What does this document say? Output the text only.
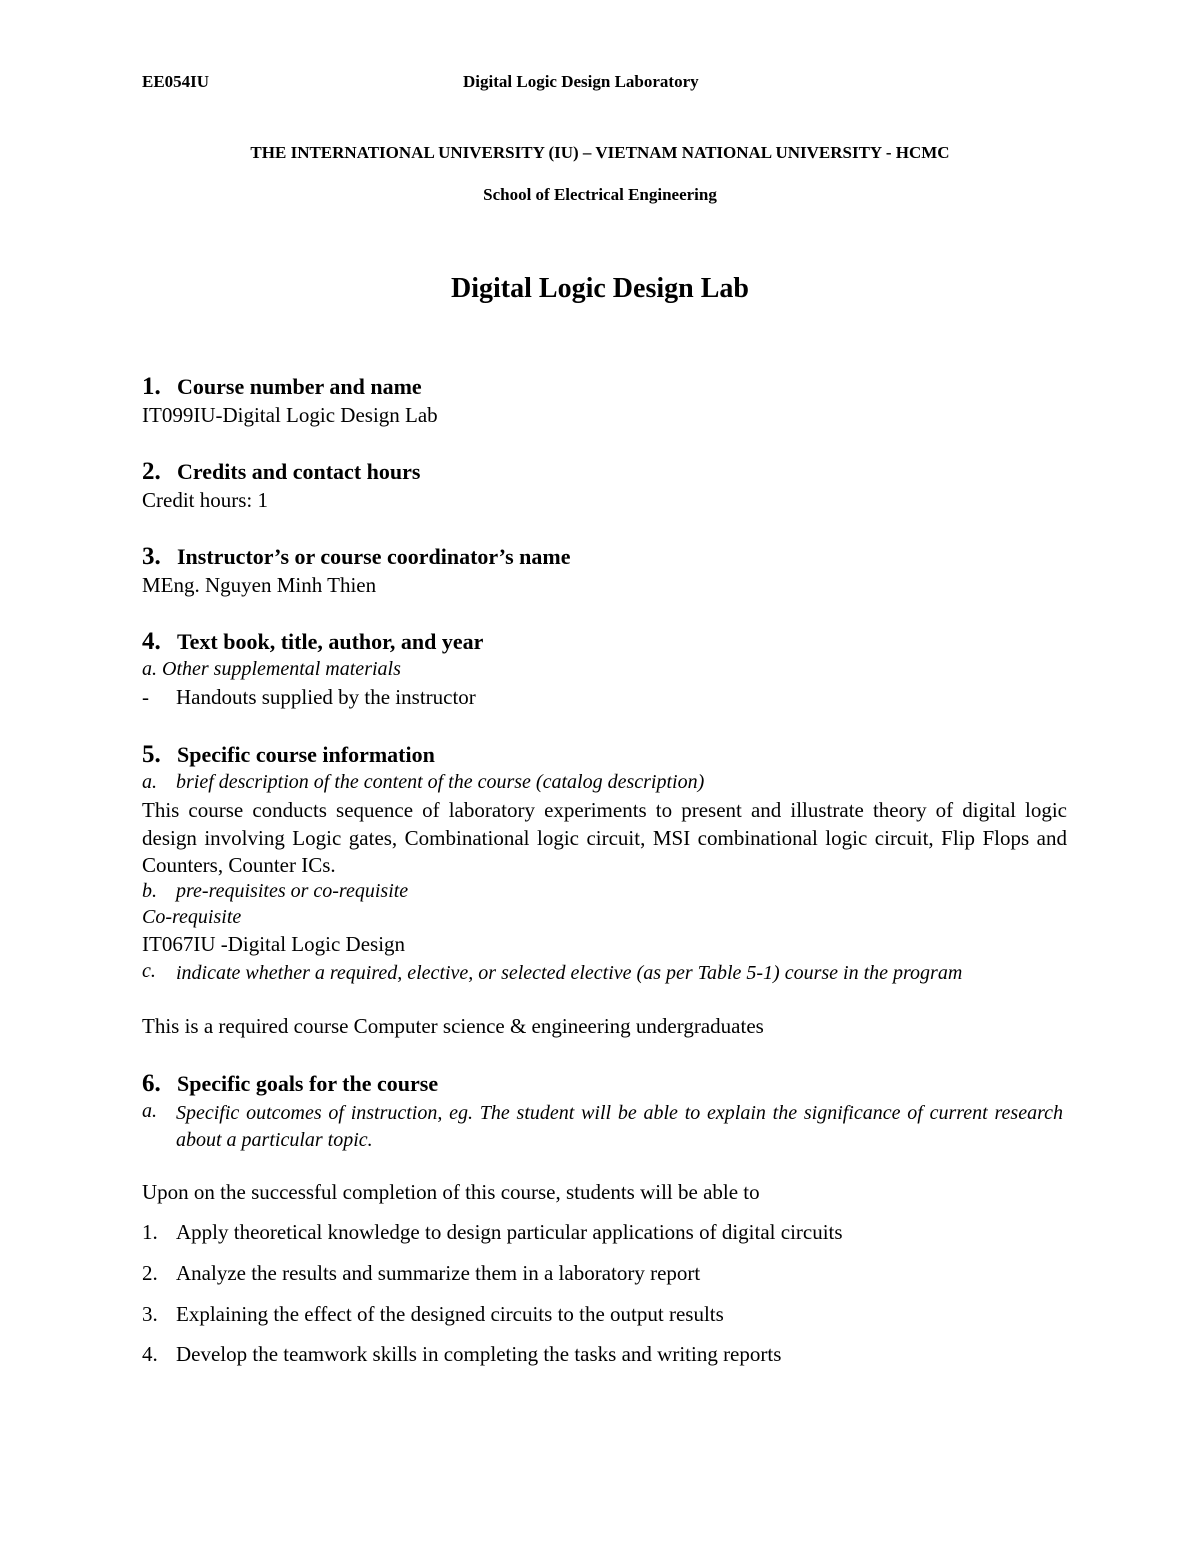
EE054IU	Digital Logic Design Laboratory
THE INTERNATIONAL UNIVERSITY (IU) – VIETNAM NATIONAL UNIVERSITY - HCMC
School of Electrical Engineering
Digital Logic Design Lab
1. Course number and name
IT099IU-Digital Logic Design Lab
2. Credits and contact hours
Credit hours: 1
3. Instructor’s or course coordinator’s name
MEng. Nguyen Minh Thien
4. Text book, title, author, and year
a. Other supplemental materials
- Handouts supplied by the instructor
5. Specific course information
a. brief description of the content of the course (catalog description)
This course conducts sequence of laboratory experiments to present and illustrate theory of digital logic design involving Logic gates, Combinational logic circuit, MSI combinational logic circuit, Flip Flops and Counters, Counter ICs.
b. pre-requisites or co-requisite
Co-requisite
IT067IU -Digital Logic Design
c. indicate whether a required, elective, or selected elective (as per Table 5-1) course in the program
This is a required course Computer science & engineering undergraduates
6. Specific goals for the course
a. Specific outcomes of instruction, eg. The student will be able to explain the significance of current research about a particular topic.
Upon on the successful completion of this course, students will be able to
1. Apply theoretical knowledge to design particular applications of digital circuits
2. Analyze the results and summarize them in a laboratory report
3. Explaining the effect of the designed circuits to the output results
4. Develop the teamwork skills in completing the tasks and writing reports
